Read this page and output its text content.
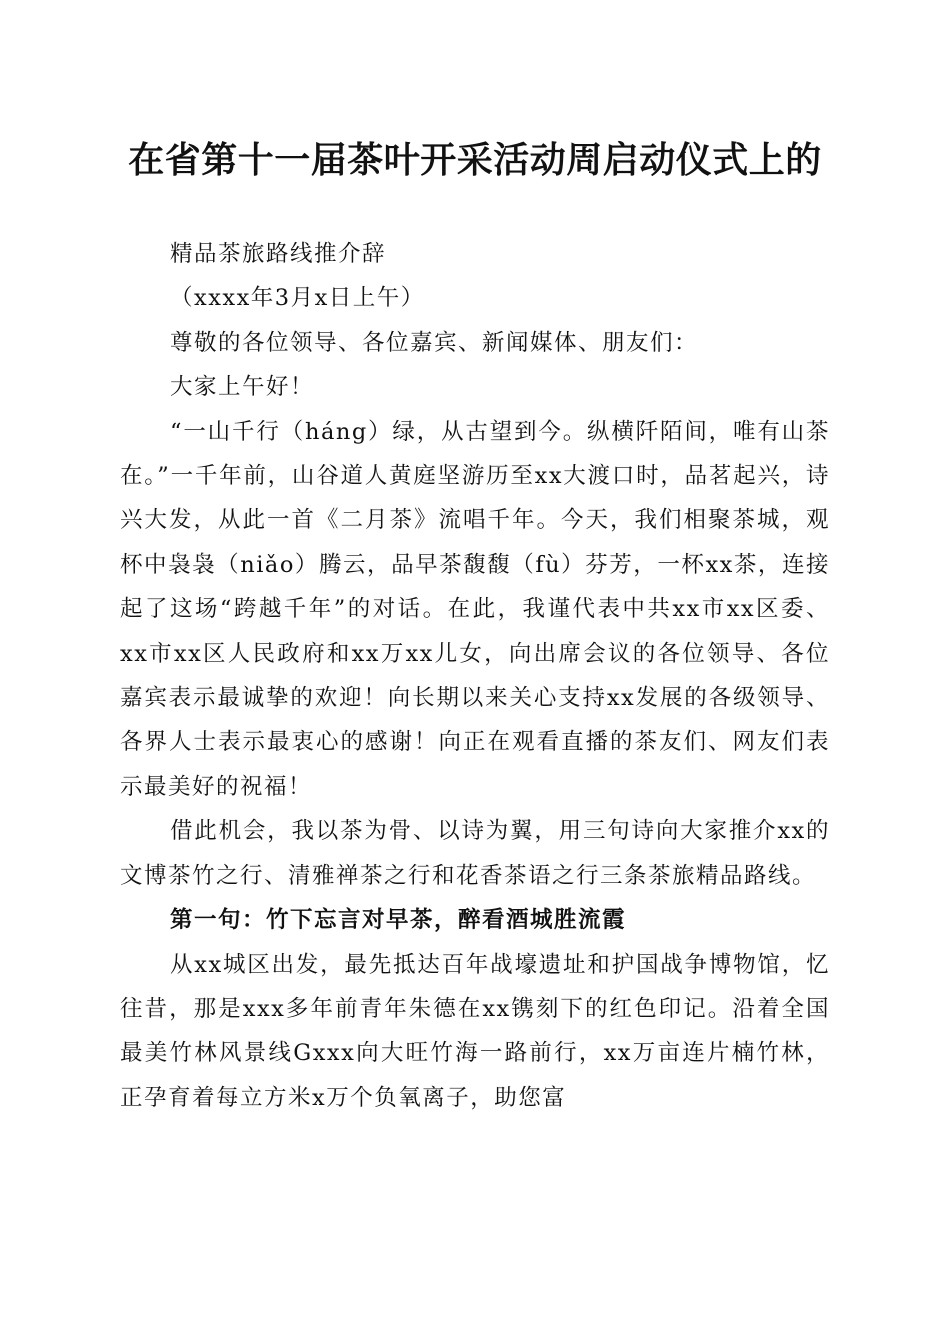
在省第十一届茶叶开采活动周启动仪式上的

精品茶旅路线推介辞

（xxxx年3月x日上午）

尊敬的各位领导、各位嘉宾、新闻媒体、朋友们：

大家上午好！

“一山千行（háng）绿，从古望到今。纵横阡陌间，唯有山茶在。”一千年前，山谷道人黄庭坚游历至xx大渡口时，品茗起兴，诗兴大发，从此一首《二月茶》流唱千年。今天，我们相聚茶城，观杯中袅袅（niǎo）腾云，品早茶馥馥（fù）芬芳，一杯xx茶，连接起了这场“跨越千年”的对话。在此，我谨代表中共xx市xx区委、xx市xx区人民政府和xx万xx儿女，向出席会议的各位领导、各位嘉宾表示最诚挚的欢迎！向长期以来关心支持xx发展的各级领导、各界人士表示最衷心的感谢！向正在观看直播的茶友们、网友们表示最美好的祝福！

借此机会，我以茶为骨、以诗为翼，用三句诗向大家推介xx的文博茶竹之行、清雅禅茶之行和花香茶语之行三条茶旅精品路线。

第一句：竹下忘言对早茶，醉看酒城胜流霞

从xx城区出发，最先抵达百年战壕遗址和护国战争博物馆，忆往昔，那是xxx多年前青年朱德在xx镌刻下的红色印记。沿着全国最美竹林风景线Gxxx向大旺竹海一路前行，xx万亩连片楠竹林，正孕育着每立方米x万个负氧离子，助您富
